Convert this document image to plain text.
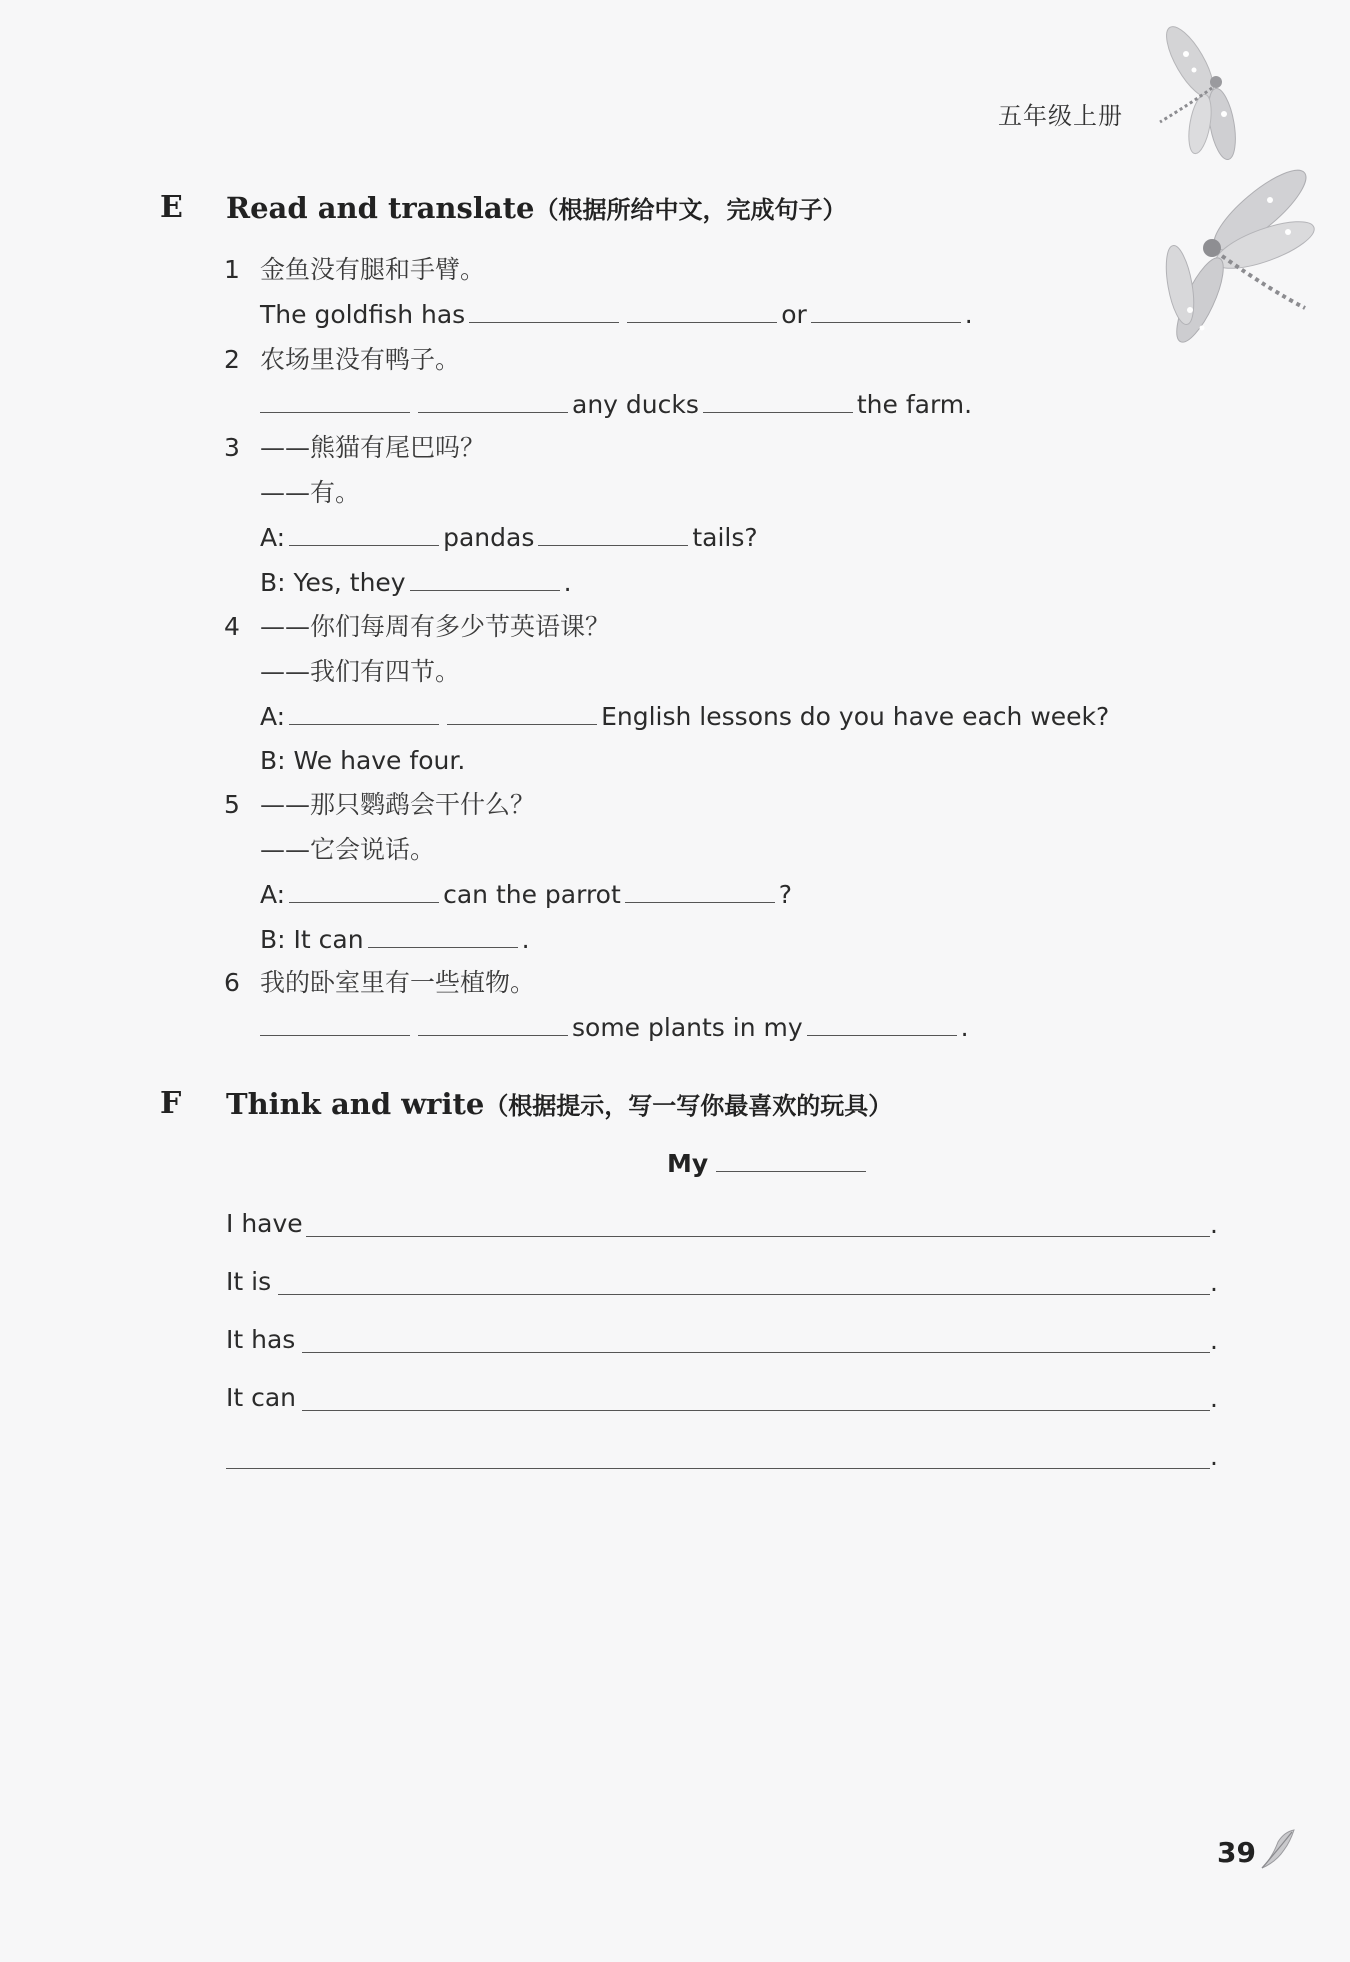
五年级上册
E Read and translate（根据所给中文，完成句子）
1 金鱼没有腿和手臂。
The goldfish has	or	.
2 农场里没有鸭子。
any ducks	the farm.
3 ——熊猫有尾巴吗？
——有。
A:	pandas	tails?
B: Yes, they	.
4 ——你们每周有多少节英语课？
——我们有四节。
A:	English lessons do you have each week?
B: We have four.
5 ——那只鹦鹉会干什么？
——它会说话。
A:	can the parrot	?
B: It can	.
6 我的卧室里有一些植物。
some plants in my	.
F Think and write（根据提示，写一写你最喜欢的玩具）
My
I have	.
It is	.
It has	.
It can	.
.
39
